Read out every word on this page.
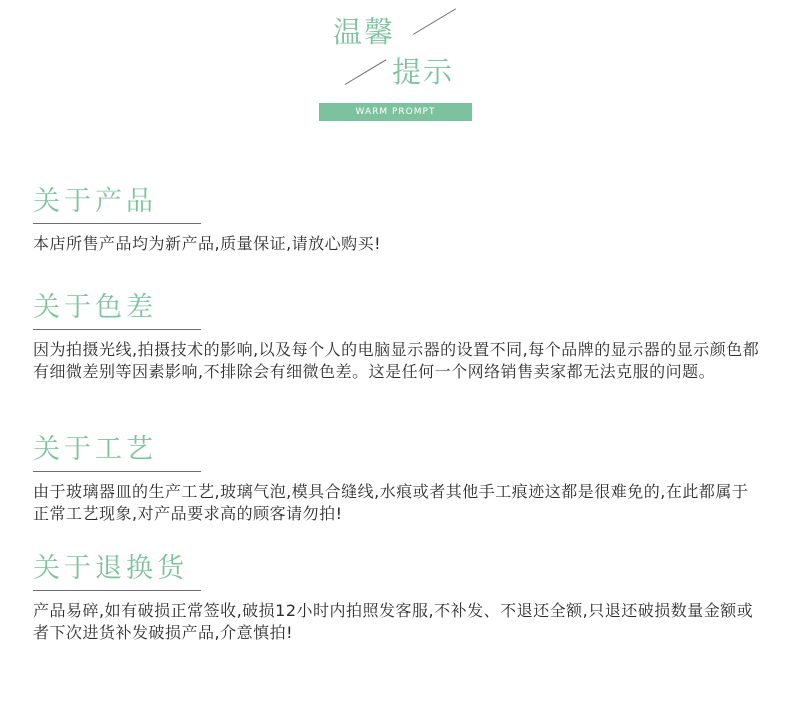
温馨
提示
WARM PROMPT
关于产品
本店所售产品均为新产品,质量保证,请放心购买!
关于色差
因为拍摄光线,拍摄技术的影响,以及每个人的电脑显示器的设置不同,每个品牌的显示器的显示颜色都有细微差别等因素影响,不排除会有细微色差。这是任何一个网络销售卖家都无法克服的问题。
关于工艺
由于玻璃器皿的生产工艺,玻璃气泡,模具合缝线,水痕或者其他手工痕迹这都是很难免的,在此都属于正常工艺现象,对产品要求高的顾客请勿拍!
关于退换货
产品易碎,如有破损正常签收,破损12小时内拍照发客服,不补发、不退还全额,只退还破损数量金额或者下次进货补发破损产品,介意慎拍!
